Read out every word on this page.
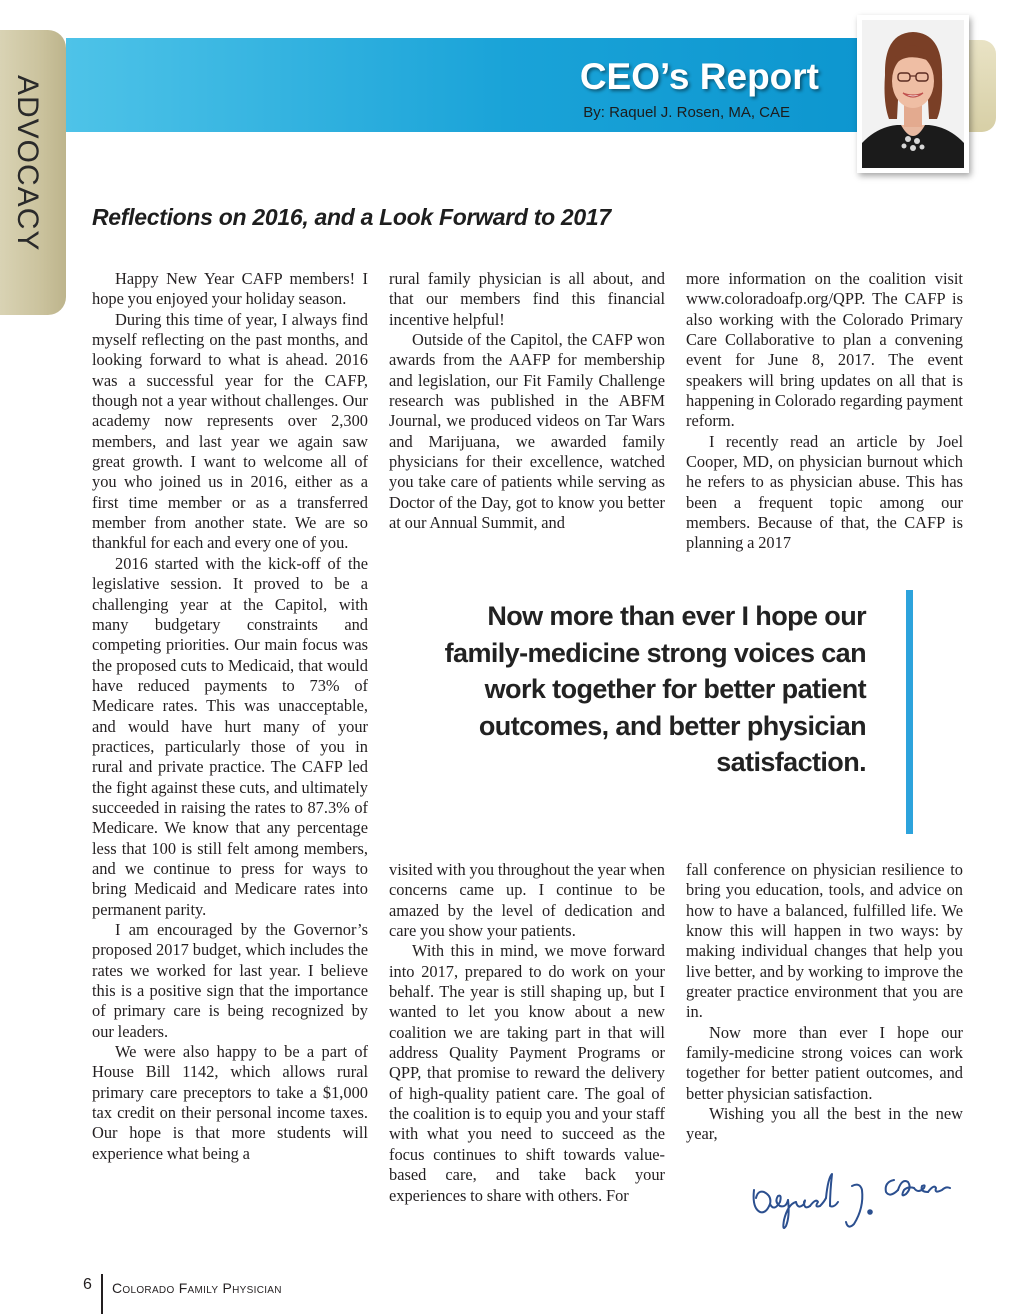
ADVOCACY	CEO’s Report
By: Raquel J. Rosen, MA, CAE
Reflections on 2016, and a Look Forward to 2017

Happy New Year CAFP members! I hope you enjoyed your holiday season.

During this time of year, I always find myself reflecting on the past months, and looking forward to what is ahead. 2016 was a successful year for the CAFP, though not a year without challenges. Our academy now represents over 2,300 members, and last year we again saw great growth. I want to welcome all of you who joined us in 2016, either as a first time member or as a transferred member from another state. We are so thankful for each and every one of you.

2016 started with the kick-off of the legislative session. It proved to be a challenging year at the Capitol, with many budgetary constraints and competing priorities. Our main focus was the proposed cuts to Medicaid, that would have reduced payments to 73% of Medicare rates. This was unacceptable, and would have hurt many of your practices, particularly those of you in rural and private practice. The CAFP led the fight against these cuts, and ultimately succeeded in raising the rates to 87.3% of Medicare. We know that any percentage less that 100 is still felt among members, and we continue to press for ways to bring Medicaid and Medicare rates into permanent parity.

I am encouraged by the Governor’s proposed 2017 budget, which includes the rates we worked for last year. I believe this is a positive sign that the importance of primary care is being recognized by our leaders.

We were also happy to be a part of House Bill 1142, which allows rural primary care preceptors to take a $1,000 tax credit on their personal income taxes. Our hope is that more students will experience what being a

rural family physician is all about, and that our members find this financial incentive helpful!

Outside of the Capitol, the CAFP won awards from the AAFP for membership and legislation, our Fit Family Challenge research was published in the ABFM Journal, we produced videos on Tar Wars and Marijuana, we awarded family physicians for their excellence, watched you take care of patients while serving as Doctor of the Day, got to know you better at our Annual Summit, and

more information on the coalition visit www.coloradoafp.org/QPP. The CAFP is also working with the Colorado Primary Care Collaborative to plan a convening event for June 8, 2017. The event speakers will bring updates on all that is happening in Colorado regarding payment reform.

I recently read an article by Joel Cooper, MD, on physician burnout which he refers to as physician abuse. This has been a frequent topic among our members. Because of that, the CAFP is planning a 2017

Now more than ever I hope our family-medicine strong voices can work together for better patient outcomes, and better physician satisfaction.

visited with you throughout the year when concerns came up. I continue to be amazed by the level of dedication and care you show your patients.

With this in mind, we move forward into 2017, prepared to do work on your behalf. The year is still shaping up, but I wanted to let you know about a new coalition we are taking part in that will address Quality Payment Programs or QPP, that promise to reward the delivery of high-quality patient care. The goal of the coalition is to equip you and your staff with what you need to succeed as the focus continues to shift towards value-based care, and take back your experiences to share with others. For

fall conference on physician resilience to bring you education, tools, and advice on how to have a balanced, fulfilled life. We know this will happen in two ways: by making individual changes that help you live better, and by working to improve the greater practice environment that you are in.

Now more than ever I hope our family-medicine strong voices can work together for better patient outcomes, and better physician satisfaction.

Wishing you all the best in the new year,

6 Colorado Family Physician
